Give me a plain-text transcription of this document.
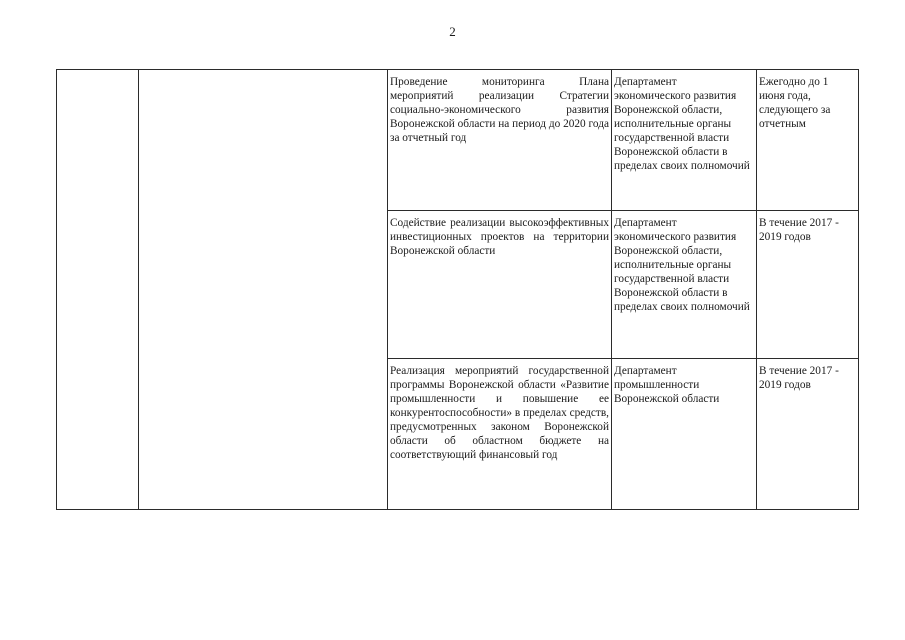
2

		Проведение мониторинга Плана мероприятий реализации Стратегии социально-экономического развития Воронежской области на период до 2020 года за отчетный год	Департамент экономического развития Воронежской области, исполнительные органы государственной власти Воронежской области в пределах своих полномочий	Ежегодно до 1 июня года, следующего за отчетным

		Содействие реализации высокоэффективных инвестиционных проектов на территории Воронежской области	Департамент экономического развития Воронежской области, исполнительные органы государственной власти Воронежской области в пределах своих полномочий	В течение 2017 - 2019 годов

		Реализация мероприятий государственной программы Воронежской области «Развитие промышленности и повышение ее конкурентоспособности» в пределах средств, предусмотренных законом Воронежской области об областном бюджете на соответствующий финансовый год	Департамент промышленности Воронежской области	В течение 2017 - 2019 годов
